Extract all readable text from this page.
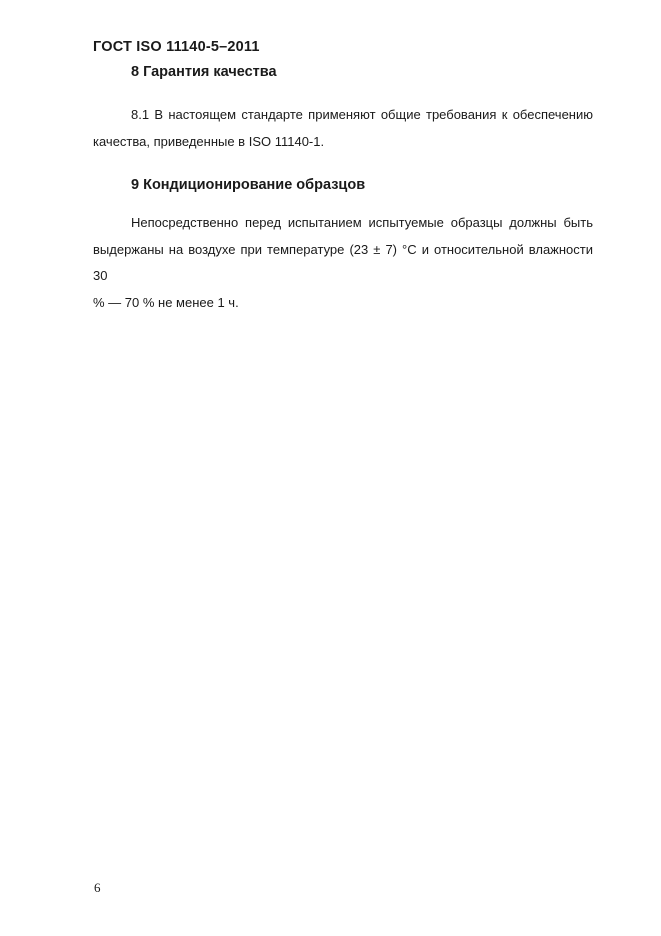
ГОСТ ISO 11140-5–2011
8 Гарантия качества
8.1 В настоящем стандарте применяют общие требования к обеспечению
качества, приведенные в ISO 11140-1.
9 Кондиционирование образцов
Непосредственно перед испытанием испытуемые образцы должны быть
выдержаны на воздухе при температуре (23 ± 7) °С и относительной влажности 30
% — 70 % не менее 1 ч.
6
